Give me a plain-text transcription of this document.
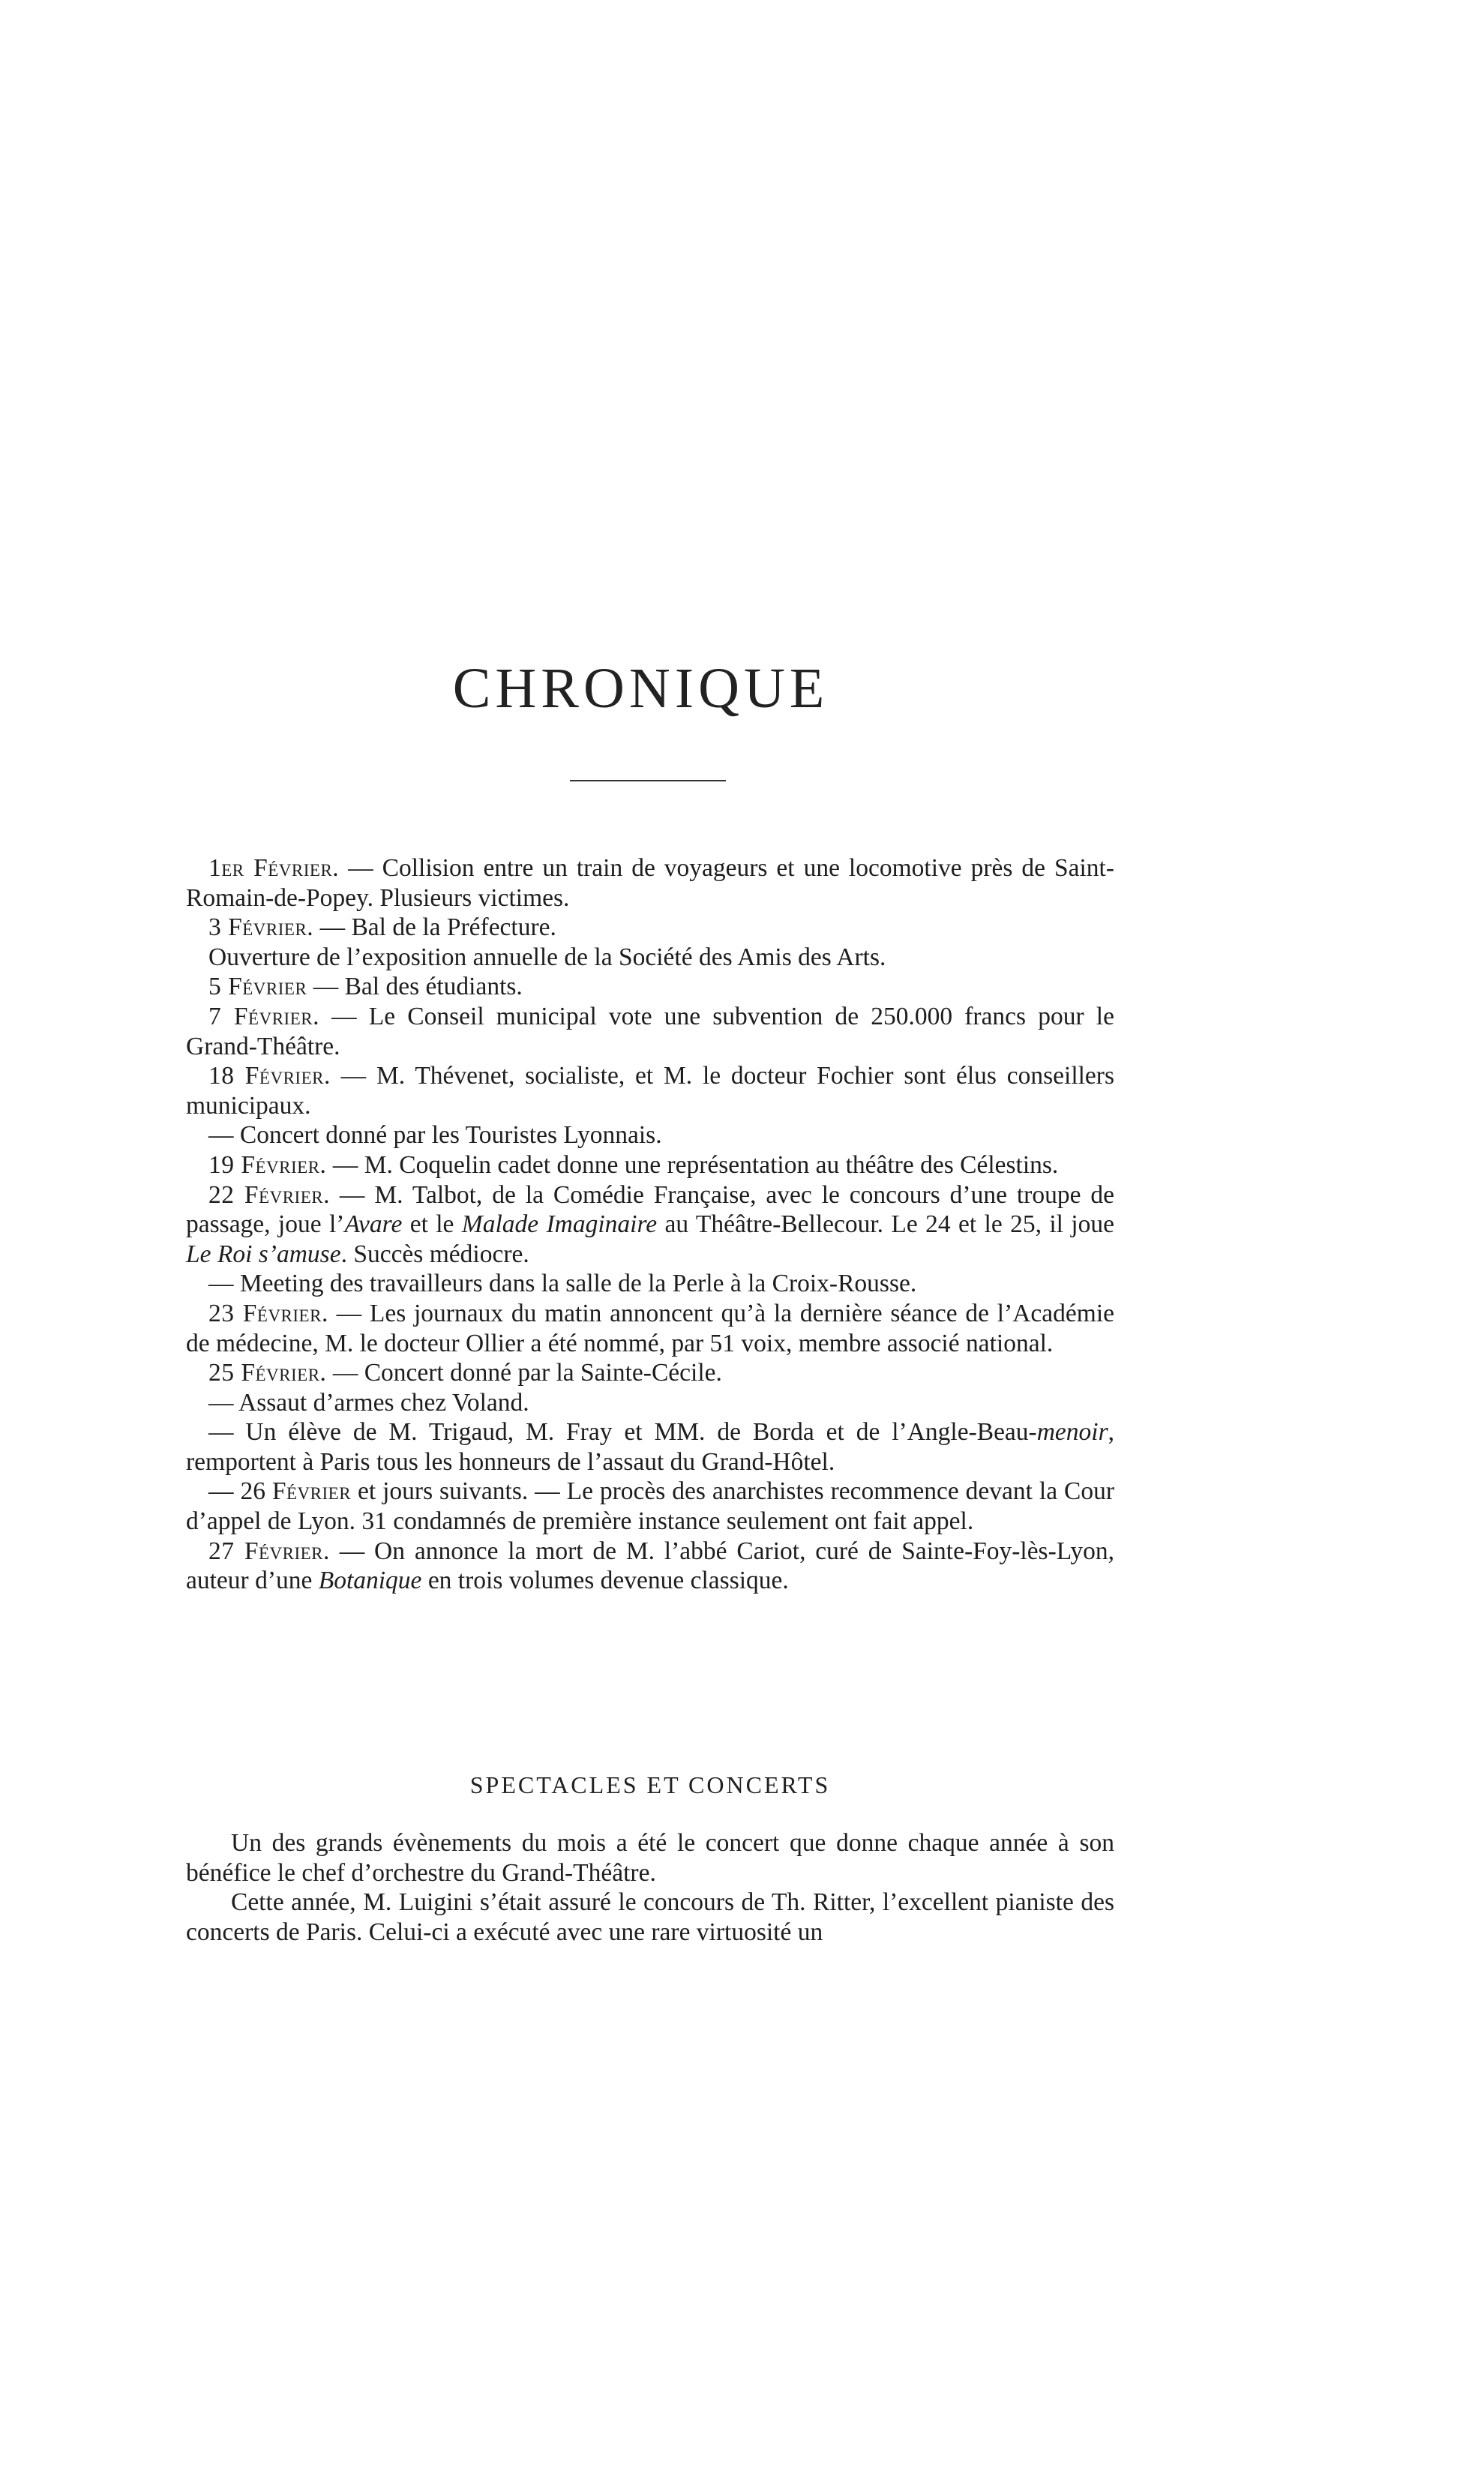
CHRONIQUE

1er Février. — Collision entre un train de voyageurs et une locomotive près de Saint-Romain-de-Popey. Plusieurs victimes.

3 Février. — Bal de la Préfecture.

Ouverture de l’exposition annuelle de la Société des Amis des Arts.

5 Février — Bal des étudiants.

7 Février. — Le Conseil municipal vote une subvention de 250.000 francs pour le Grand-Théâtre.

18 Février. — M. Thévenet, socialiste, et M. le docteur Fochier sont élus conseillers municipaux.

— Concert donné par les Touristes Lyonnais.

19 Février. — M. Coquelin cadet donne une représentation au théâtre des Célestins.

22 Février. — M. Talbot, de la Comédie Française, avec le concours d’une troupe de passage, joue l’Avare et le Malade Imaginaire au Théâtre-Bellecour. Le 24 et le 25, il joue Le Roi s’amuse. Succès médiocre.

— Meeting des travailleurs dans la salle de la Perle à la Croix-Rousse.

23 Février. — Les journaux du matin annoncent qu’à la dernière séance de l’Académie de médecine, M. le docteur Ollier a été nommé, par 51 voix, membre associé national.

25 Février. — Concert donné par la Sainte-Cécile.

— Assaut d’armes chez Voland.

— Un élève de M. Trigaud, M. Fray et MM. de Borda et de l’Angle-Beau-menoir, remportent à Paris tous les honneurs de l’assaut du Grand-Hôtel.

— 26 Février et jours suivants. — Le procès des anarchistes recommence devant la Cour d’appel de Lyon. 31 condamnés de première instance seulement ont fait appel.

27 Février. — On annonce la mort de M. l’abbé Cariot, curé de Sainte-Foy-lès-Lyon, auteur d’une Botanique en trois volumes devenue classique.

SPECTACLES ET CONCERTS

Un des grands évènements du mois a été le concert que donne chaque année à son bénéfice le chef d’orchestre du Grand-Théâtre.

Cette année, M. Luigini s’était assuré le concours de Th. Ritter, l’excellent pianiste des concerts de Paris. Celui-ci a exécuté avec une rare virtuosité un
